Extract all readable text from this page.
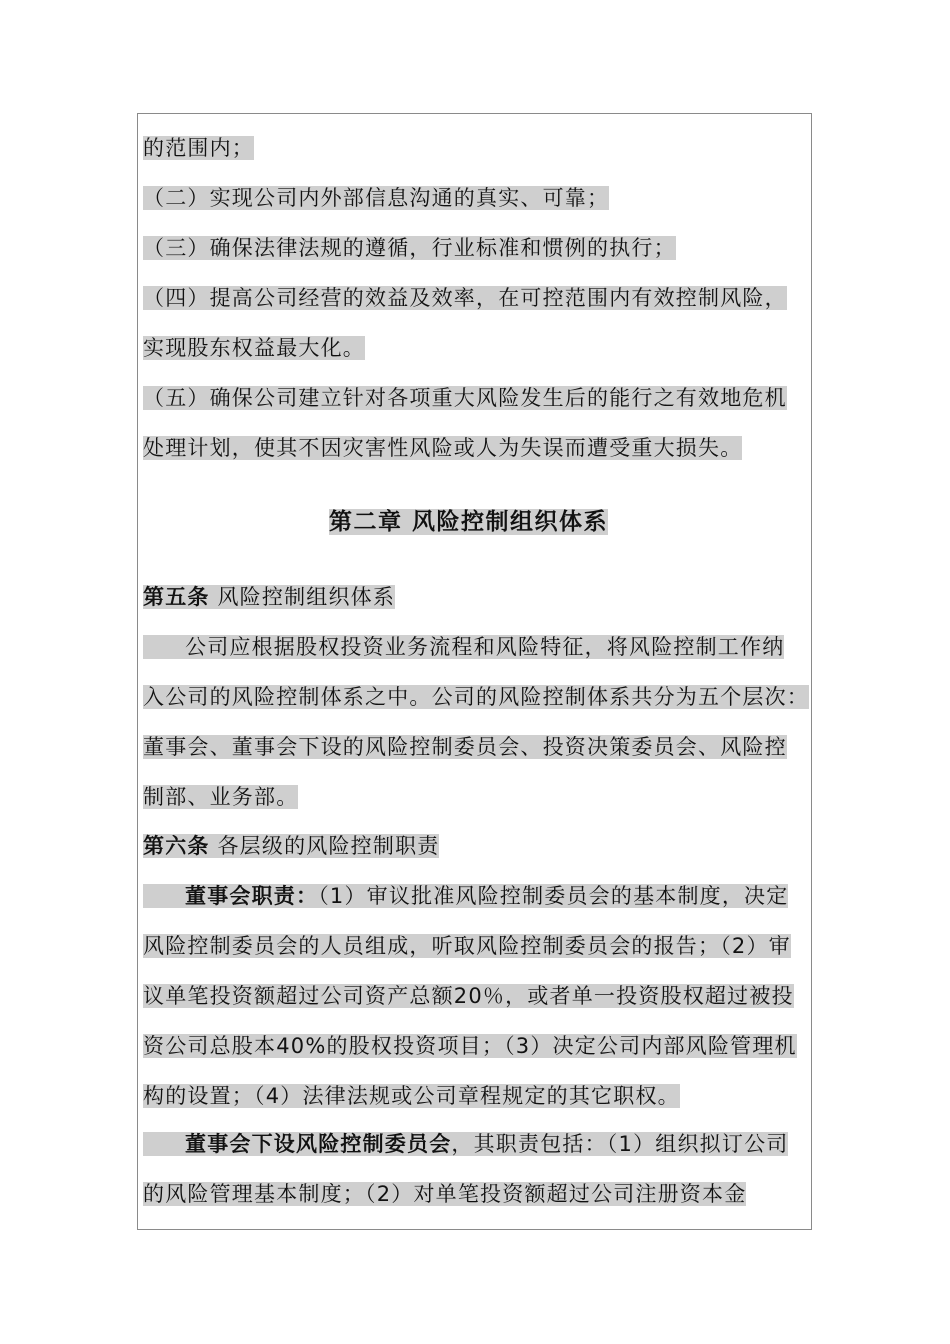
的范围内；
（二）实现公司内外部信息沟通的真实、可靠；
（三）确保法律法规的遵循，行业标准和惯例的执行；
（四）提高公司经营的效益及效率，在可控范围内有效控制风险，
实现股东权益最大化。
（五）确保公司建立针对各项重大风险发生后的能行之有效地危机
处理计划，使其不因灾害性风险或人为失误而遭受重大损失。
第二章 风险控制组织体系
第五条 风险控制组织体系
公司应根据股权投资业务流程和风险特征，将风险控制工作纳
入公司的风险控制体系之中。公司的风险控制体系共分为五个层次：
董事会、董事会下设的风险控制委员会、投资决策委员会、风险控
制部、业务部。
第六条 各层级的风险控制职责
董事会职责：（1）审议批准风险控制委员会的基本制度，决定
风险控制委员会的人员组成，听取风险控制委员会的报告；（2）审
议单笔投资额超过公司资产总额20％，或者单一投资股权超过被投
资公司总股本40%的股权投资项目；（3）决定公司内部风险管理机
构的设置；（4）法律法规或公司章程规定的其它职权。
董事会下设风险控制委员会，其职责包括：（1）组织拟订公司
的风险管理基本制度；（2）对单笔投资额超过公司注册资本金
